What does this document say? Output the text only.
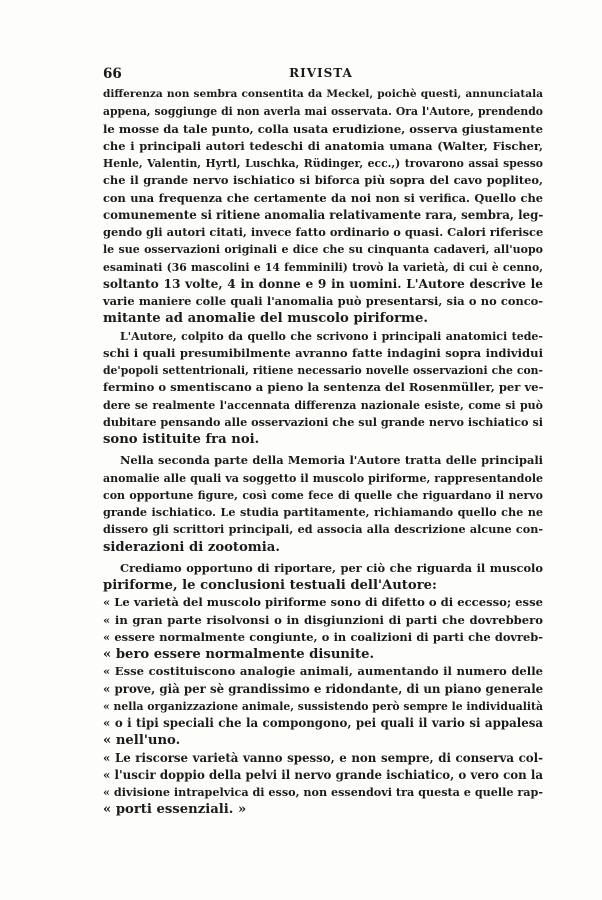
66	RIVISTA
differenza non sembra consentita da Meckel, poichè questi, annunciatala
appena, soggiunge di non averla mai osservata. Ora l'Autore, prendendo
le mosse da tale punto, colla usata erudizione, osserva giustamente
che i principali autori tedeschi di anatomia umana (Walter, Fischer,
Henle, Valentin, Hyrtl, Luschka, Rüdinger, ecc.,) trovarono assai spesso
che il grande nervo ischiatico si biforca più sopra del cavo popliteo,
con una frequenza che certamente da noi non si verifica. Quello che
comunemente si ritiene anomalia relativamente rara, sembra, leg-
gendo gli autori citati, invece fatto ordinario o quasi. Calori riferisce
le sue osservazioni originali e dice che su cinquanta cadaveri, all'uopo
esaminati (36 mascolini e 14 femminili) trovò la varietà, di cui è cenno,
soltanto 13 volte, 4 in donne e 9 in uomini. L'Autore descrive le
varie maniere colle quali l'anomalia può presentarsi, sia o no conco-
mitante ad anomalie del muscolo piriforme.
L'Autore, colpito da quello che scrivono i principali anatomici tede-
schi i quali presumibilmente avranno fatte indagini sopra individui
de'popoli settentrionali, ritiene necessario novelle osservazioni che con-
fermino o smentiscano a pieno la sentenza del Rosenmüller, per ve-
dere se realmente l'accennata differenza nazionale esiste, come si può
dubitare pensando alle osservazioni che sul grande nervo ischiatico si
sono istituite fra noi.
Nella seconda parte della Memoria l'Autore tratta delle principali
anomalie alle quali va soggetto il muscolo piriforme, rappresentandole
con opportune figure, così come fece di quelle che riguardano il nervo
grande ischiatico. Le studia partitamente, richiamando quello che ne
dissero gli scrittori principali, ed associa alla descrizione alcune con-
siderazioni di zootomia.
Crediamo opportuno di riportare, per ciò che riguarda il muscolo
piriforme, le conclusioni testuali dell'Autore:
« Le varietà del muscolo piriforme sono di difetto o di eccesso; esse
« in gran parte risolvonsi o in disgiunzioni di parti che dovrebbero
« essere normalmente congiunte, o in coalizioni di parti che dovreb-
« bero essere normalmente disunite.
« Esse costituiscono analogie animali, aumentando il numero delle
« prove, già per sè grandissimo e ridondante, di un piano generale
« nella organizzazione animale, sussistendo però sempre le individualità
« o i tipi speciali che la compongono, pei quali il vario si appalesa
« nell'uno.
« Le riscorse varietà vanno spesso, e non sempre, di conserva col-
« l'uscir doppio della pelvi il nervo grande ischiatico, o vero con la
« divisione intrapelvica di esso, non essendovi tra questa e quelle rap-
« porti essenziali. »
